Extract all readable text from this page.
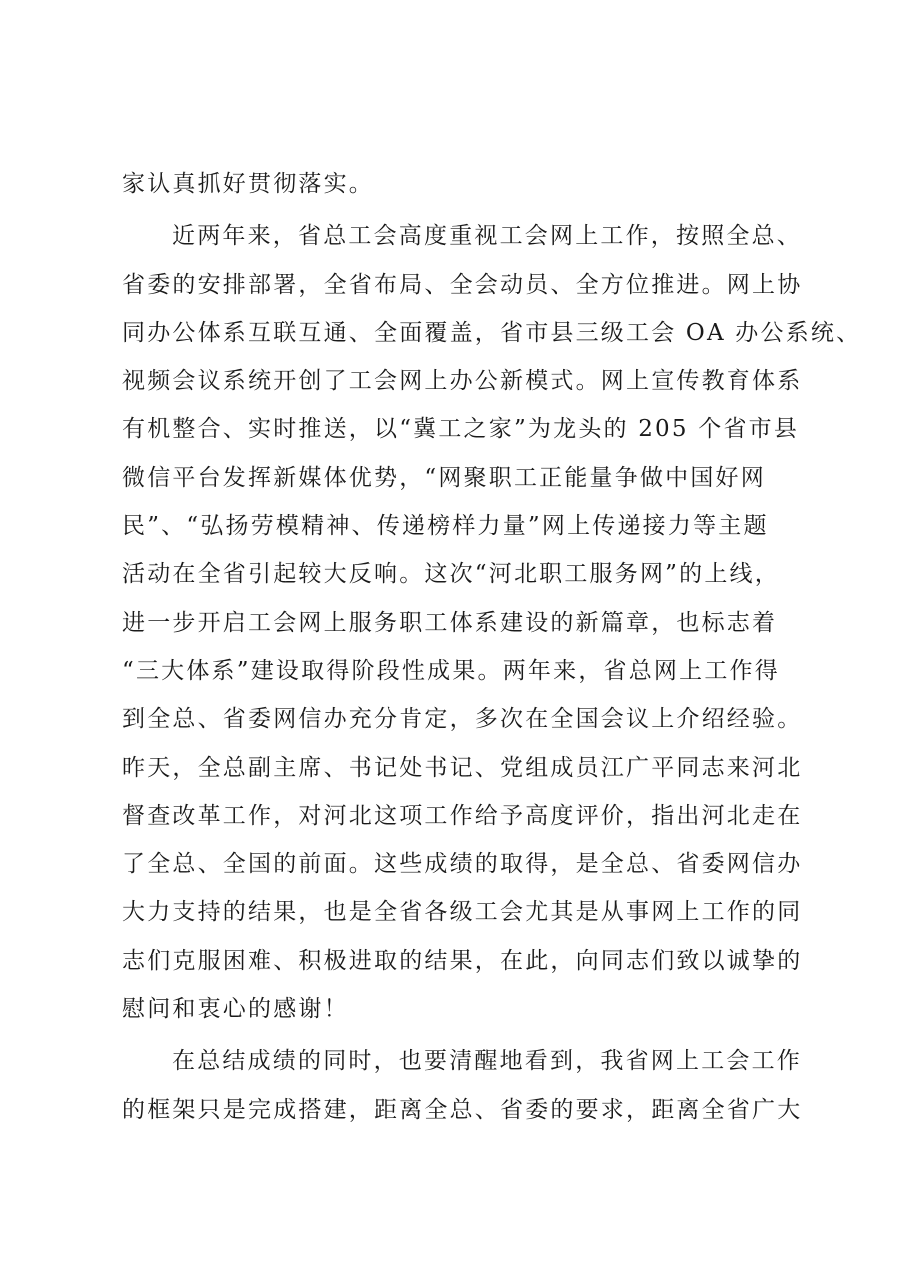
家认真抓好贯彻落实。
近两年来，省总工会高度重视工会网上工作，按照全总、
省委的安排部署，全省布局、全会动员、全方位推进。网上协
同办公体系互联互通、全面覆盖，省市县三级工会 OA 办公系统、
视频会议系统开创了工会网上办公新模式。网上宣传教育体系
有机整合、实时推送，以“冀工之家”为龙头的 205 个省市县
微信平台发挥新媒体优势，“网聚职工正能量争做中国好网
民”、“弘扬劳模精神、传递榜样力量”网上传递接力等主题
活动在全省引起较大反响。这次“河北职工服务网”的上线，
进一步开启工会网上服务职工体系建设的新篇章，也标志着
“三大体系”建设取得阶段性成果。两年来，省总网上工作得
到全总、省委网信办充分肯定，多次在全国会议上介绍经验。
昨天，全总副主席、书记处书记、党组成员江广平同志来河北
督查改革工作，对河北这项工作给予高度评价，指出河北走在
了全总、全国的前面。这些成绩的取得，是全总、省委网信办
大力支持的结果，也是全省各级工会尤其是从事网上工作的同
志们克服困难、积极进取的结果，在此，向同志们致以诚挚的
慰问和衷心的感谢！
在总结成绩的同时，也要清醒地看到，我省网上工会工作
的框架只是完成搭建，距离全总、省委的要求，距离全省广大
